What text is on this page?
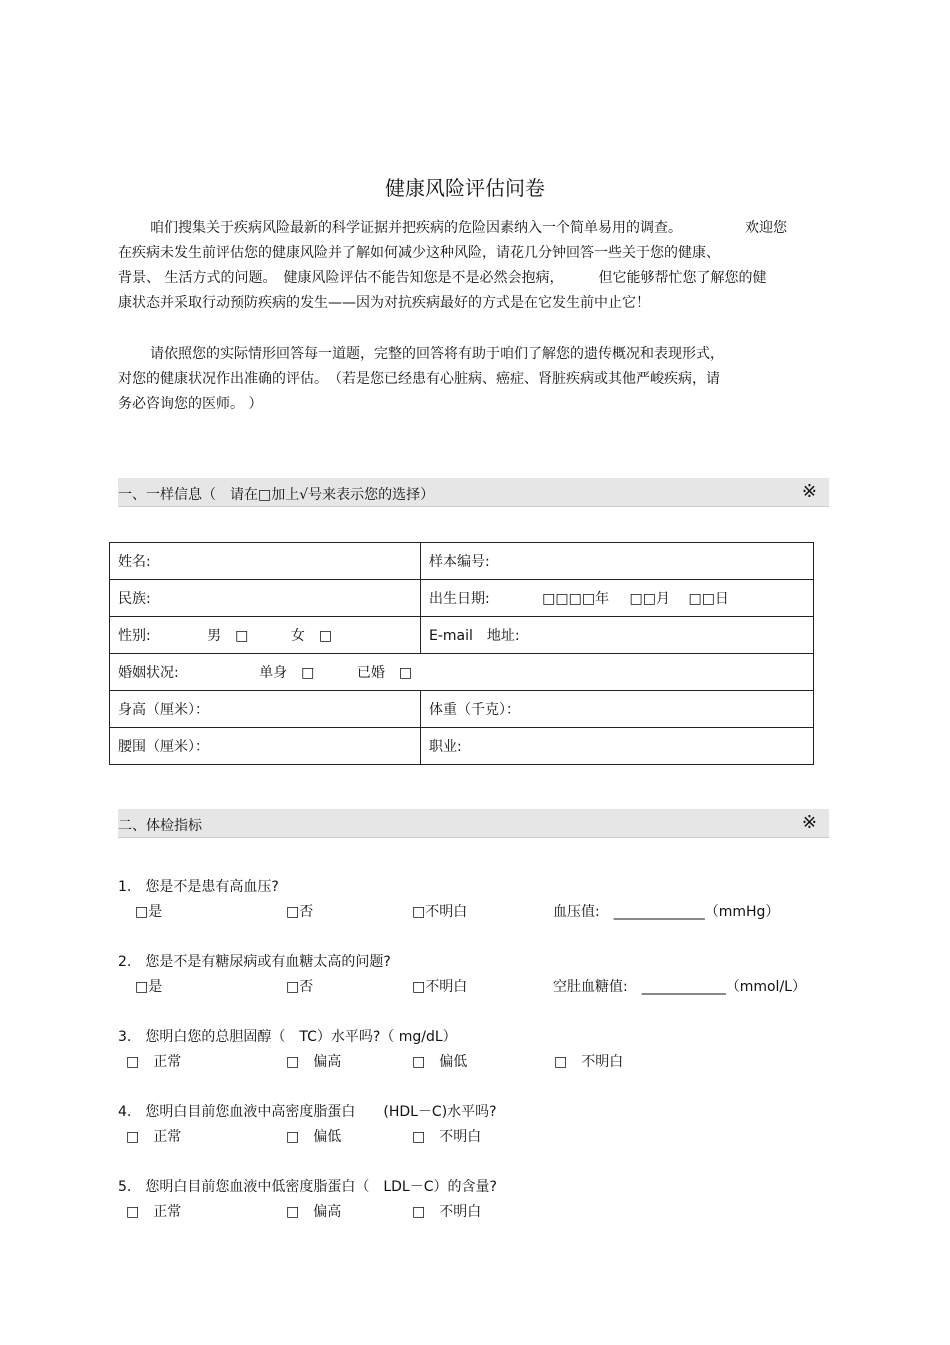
健康风险评估问卷
咱们搜集关于疾病风险最新的科学证据并把疾病的危险因素纳入一个简单易用的调查。　　　　　欢迎您
在疾病未发生前评估您的健康风险并了解如何减少这种风险，请花几分钟回答一些关于您的健康、
背景、 生活方式的问题。　健康风险评估不能告知您是不是必然会抱病，　　　但它能够帮忙您了解您的健
康状态并采取行动预防疾病的发生——因为对抗疾病最好的方式是在它发生前中止它！
请依照您的实际情形回答每一道题，完整的回答将有助于咱们了解您的遗传概况和表现形式，
对您的健康状况作出准确的评估。　（若是您已经患有心脏病、癌症、肾脏疾病或其他严峻疾病，请
务必咨询您的医师。 ）
一、一样信息（　请在□加上√号来表示您的选择）	※
姓名:	样本编号:
民族:	出生日期: □□□□年 □□月 □□日
性别: 男　□ 女　□	E-mail　地址:
婚姻状况: 单身　□ 已婚　□	
身高（厘米）：	体重（千克）：
腰围（厘米）：	职业:
二、体检指标	※
1.　您是不是患有高血压?
□是	□否	□不明白	血压值:　_____________（mmHg）
2.　您是不是有糖尿病或有血糖太高的问题?
□是	□否	□不明白	空肚血糖值:　____________（mmol/L）
3.　您明白您的总胆固醇（　TC）水平吗?（ mg/dL）
□　正常	□　偏高	□　偏低	□　不明白
4.　您明白目前您血液中高密度脂蛋白　　(HDL－C)水平吗?
□　正常	□　偏低	□　不明白
5.　您明白目前您血液中低密度脂蛋白（　LDL－C）的含量?
□　正常	□　偏高	□　不明白
